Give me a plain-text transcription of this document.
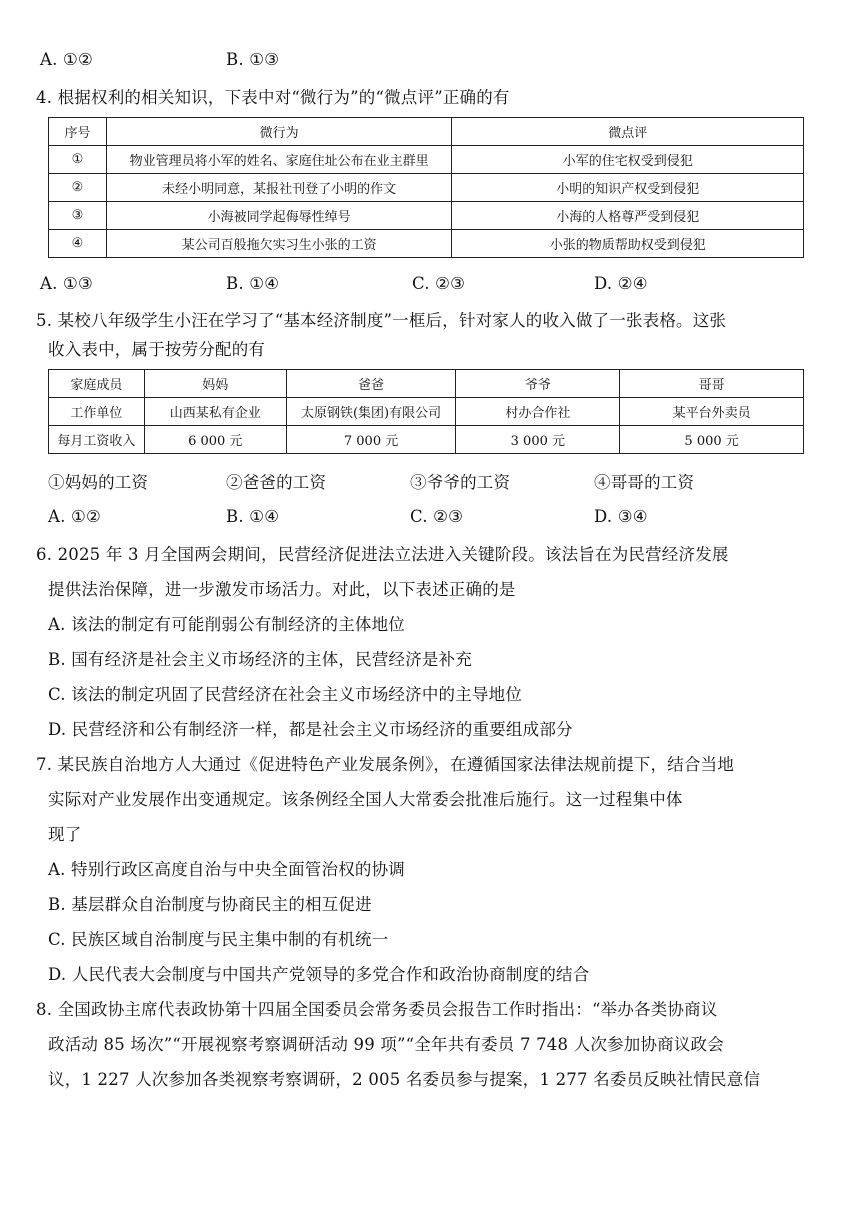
A. ①②	B. ①③
4. 根据权利的相关知识，下表中对“微行为”的“微点评”正确的有
序号	微行为	微点评
①	物业管理员将小军的姓名、家庭住址公布在业主群里	小军的住宅权受到侵犯
②	未经小明同意，某报社刊登了小明的作文	小明的知识产权受到侵犯
③	小海被同学起侮辱性绰号	小海的人格尊严受到侵犯
④	某公司百般拖欠实习生小张的工资	小张的物质帮助权受到侵犯
A. ①③	B. ①④	C. ②③	D. ②④
5. 某校八年级学生小汪在学习了“基本经济制度”一框后，针对家人的收入做了一张表格。这张
收入表中，属于按劳分配的有
家庭成员	妈妈	爸爸	爷爷	哥哥
工作单位	山西某私有企业	太原钢铁(集团)有限公司	村办合作社	某平台外卖员
每月工资收入	6 000 元	7 000 元	3 000 元	5 000 元
①妈妈的工资	②爸爸的工资	③爷爷的工资	④哥哥的工资
A. ①②	B. ①④	C. ②③	D. ③④
6. 2025 年 3 月全国两会期间，民营经济促进法立法进入关键阶段。该法旨在为民营经济发展
提供法治保障，进一步激发市场活力。对此，以下表述正确的是
A. 该法的制定有可能削弱公有制经济的主体地位
B. 国有经济是社会主义市场经济的主体，民营经济是补充
C. 该法的制定巩固了民营经济在社会主义市场经济中的主导地位
D. 民营经济和公有制经济一样，都是社会主义市场经济的重要组成部分
7. 某民族自治地方人大通过《促进特色产业发展条例》，在遵循国家法律法规前提下，结合当地
实际对产业发展作出变通规定。该条例经全国人大常委会批准后施行。这一过程集中体
现了
A. 特别行政区高度自治与中央全面管治权的协调
B. 基层群众自治制度与协商民主的相互促进
C. 民族区域自治制度与民主集中制的有机统一
D. 人民代表大会制度与中国共产党领导的多党合作和政治协商制度的结合
8. 全国政协主席代表政协第十四届全国委员会常务委员会报告工作时指出：“举办各类协商议
政活动 85 场次”“开展视察考察调研活动 99 项”“全年共有委员 7 748 人次参加协商议政会
议，1 227 人次参加各类视察考察调研，2 005 名委员参与提案，1 277 名委员反映社情民意信
